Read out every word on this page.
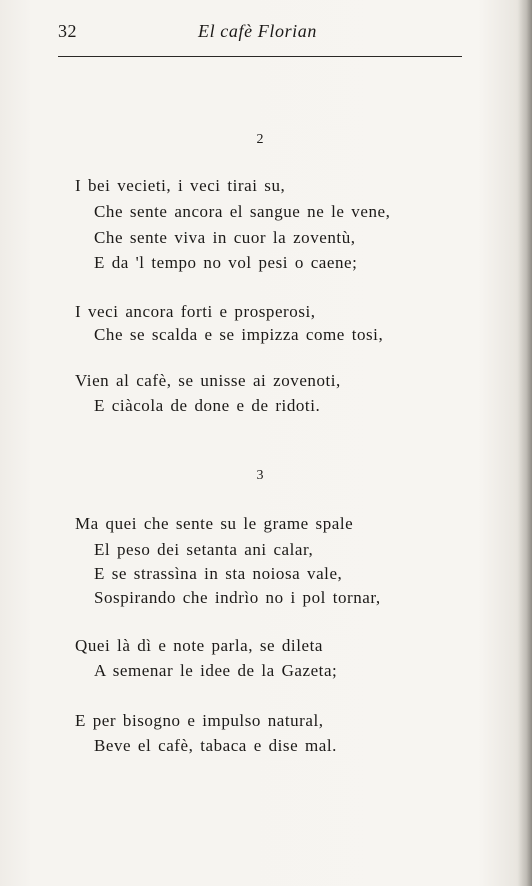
32	El cafè Florian
2
I bei vecieti, i veci tirai su,
Che sente ancora el sangue ne le vene,
Che sente viva in cuor la zoventù,
E da 'l tempo no vol pesi o caene;
I veci ancora forti e prosperosi,
Che se scalda e se impizza come tosi,
Vien al cafè, se unisse ai zovenoti,
E ciàcola de done e de ridoti.
3
Ma quei che sente su le grame spale
El peso dei setanta ani calar,
E se strassìna in sta noiosa vale,
Sospirando che indrìo no i pol tornar,
Quei là dì e note parla, se dileta
A semenar le idee de la Gazeta;
E per bisogno e impulso natural,
Beve el cafè, tabaca e dise mal.
